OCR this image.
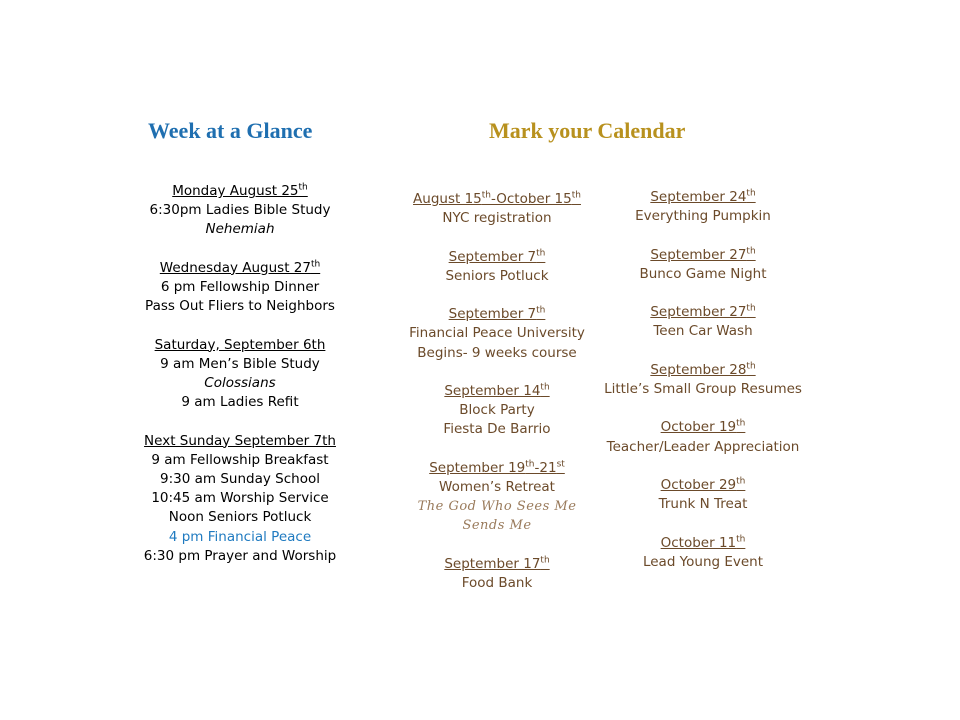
Week at a Glance	Mark your Calendar
Monday August 25th
6:30pm Ladies Bible Study
Nehemiah
Wednesday August 27th
6 pm Fellowship Dinner
Pass Out Fliers to Neighbors
Saturday, September 6th
9 am Men’s Bible Study
Colossians
9 am Ladies Refit
Next Sunday September 7th
9 am Fellowship Breakfast
9:30 am Sunday School
10:45 am Worship Service
Noon Seniors Potluck
4 pm Financial Peace
6:30 pm Prayer and Worship
August 15th-October 15th
NYC registration
September 7th
Seniors Potluck
September 7th
Financial Peace University
Begins- 9 weeks course
September 14th
Block Party
Fiesta De Barrio
September 19th-21st
Women’s Retreat
The God Who Sees Me
Sends Me
September 17th
Food Bank
September 24th
Everything Pumpkin
September 27th
Bunco Game Night
September 27th
Teen Car Wash
September 28th
Little’s Small Group Resumes
October 19th
Teacher/Leader Appreciation
October 29th
Trunk N Treat
October 11th
Lead Young Event
